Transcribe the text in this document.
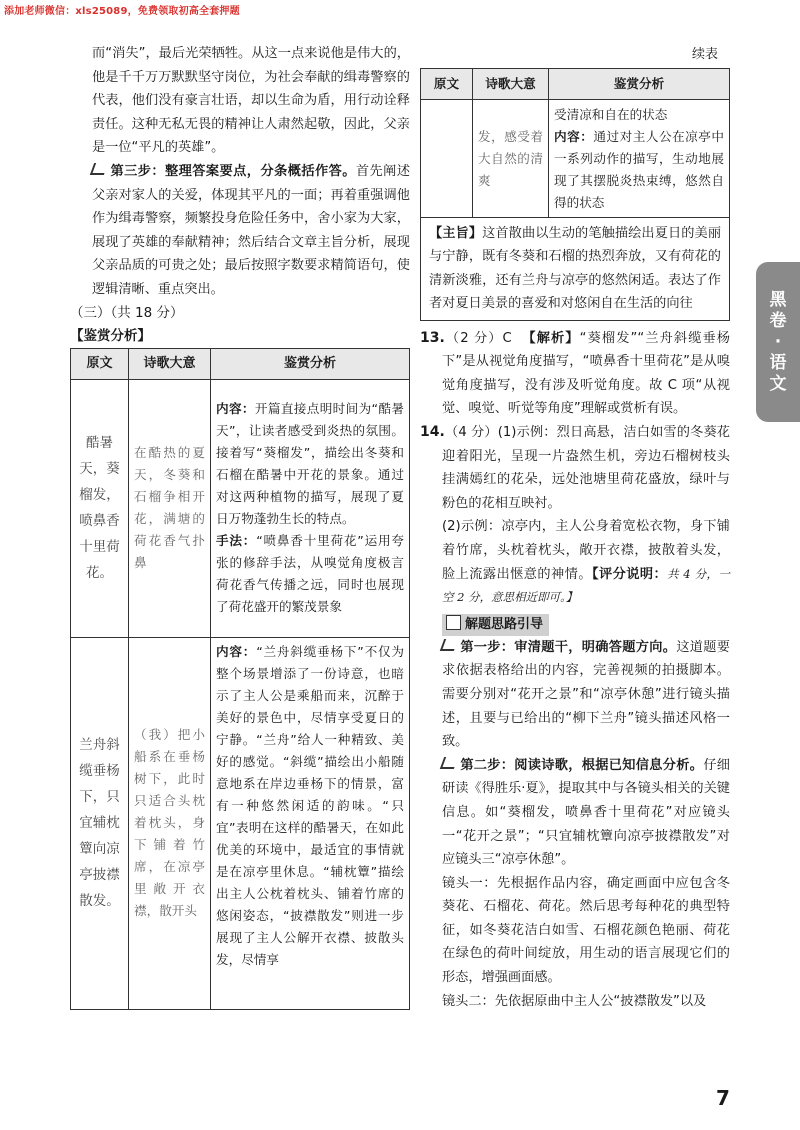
添加老师微信：xls25089，免费领取初高全套押题

而“消失”，最后光荣牺牲。从这一点来说他是伟大的，他是千千万万默默坚守岗位，为社会奉献的缉毒警察的代表，他们没有豪言壮语，却以生命为盾，用行动诠释责任。这种无私无畏的精神让人肃然起敬，因此，父亲是一位“平凡的英雄”。

第三步：整理答案要点，分条概括作答。首先阐述父亲对家人的关爱，体现其平凡的一面；再着重强调他作为缉毒警察，频繁投身危险任务中，舍小家为大家，展现了英雄的奉献精神；然后结合文章主旨分析，展现父亲品质的可贵之处；最后按照字数要求精简语句，使逻辑清晰、重点突出。

（三）（共 18 分）

【鉴赏分析】

原文	诗歌大意	鉴赏分析
酷暑天，葵榴发，喷鼻香十里荷花。	在酷热的夏天，冬葵和石榴争相开花，满塘的荷花香气扑鼻	内容：开篇直接点明时间为“酷暑天”，让读者感受到炎热的氛围。接着写“葵榴发”，描绘出冬葵和石榴在酷暑中开花的景象。通过对这两种植物的描写，展现了夏日万物蓬勃生长的特点。
手法：“喷鼻香十里荷花”运用夸张的修辞手法，从嗅觉角度极言荷花香气传播之远，同时也展现了荷花盛开的繁茂景象
兰舟斜缆垂杨下，只宜辅枕簟向凉亭披襟散发。	（我）把小船系在垂杨树下，此时只适合头枕着枕头，身下铺着竹席，在凉亭里敞开衣襟，散开头	内容：“兰舟斜缆垂杨下”不仅为整个场景增添了一份诗意，也暗示了主人公是乘船而来，沉醉于美好的景色中，尽情享受夏日的宁静。“兰舟”给人一种精致、美好的感觉。“斜缆”描绘出小船随意地系在岸边垂杨下的情景，富有一种悠然闲适的韵味。“只宜”表明在这样的酷暑天，在如此优美的环境中，最适宜的事情就是在凉亭里休息。“辅枕簟”描绘出主人公枕着枕头、铺着竹席的悠闲姿态，“披襟散发”则进一步展现了主人公解开衣襟、披散头发，尽情享

续表

原文	诗歌大意	鉴赏分析
	发，感受着大自然的清爽	受清凉和自在的状态
内容：通过对主人公在凉亭中一系列动作的描写，生动地展现了其摆脱炎热束缚，悠然自得的状态
【主旨】这首散曲以生动的笔触描绘出夏日的美丽与宁静，既有冬葵和石榴的热烈奔放，又有荷花的清新淡雅，还有兰舟与凉亭的悠然闲适。表达了作者对夏日美景的喜爱和对悠闲自在生活的向往

13.（2 分）C 【解析】“葵榴发”“兰舟斜缆垂杨下”是从视觉角度描写，“喷鼻香十里荷花”是从嗅觉角度描写，没有涉及听觉角度。故 C 项“从视觉、嗅觉、听觉等角度”理解或赏析有误。

14.（4 分）(1)示例：烈日高悬，洁白如雪的冬葵花迎着阳光，呈现一片盎然生机，旁边石榴树枝头挂满嫣红的花朵，远处池塘里荷花盛放，绿叶与粉色的花相互映衬。

(2)示例：凉亭内，主人公身着宽松衣物，身下铺着竹席，头枕着枕头，敞开衣襟，披散着头发，脸上流露出惬意的神情。【评分说明：共 4 分，一空 2 分，意思相近即可。】

解题思路引导

第一步：审清题干，明确答题方向。这道题要求依据表格给出的内容，完善视频的拍摄脚本。需要分别对“花开之景”和“凉亭休憩”进行镜头描述，且要与已给出的“柳下兰舟”镜头描述风格一致。

第二步：阅读诗歌，根据已知信息分析。仔细研读《得胜乐·夏》，提取其中与各镜头相关的关键信息。如“葵榴发，喷鼻香十里荷花”对应镜头一“花开之景”；“只宜辅枕簟向凉亭披襟散发”对应镜头三“凉亭休憩”。

镜头一：先根据作品内容，确定画面中应包含冬葵花、石榴花、荷花。然后思考每种花的典型特征，如冬葵花洁白如雪、石榴花颜色艳丽、荷花在绿色的荷叶间绽放，用生动的语言展现它们的形态，增强画面感。

镜头二：先依据原曲中主人公“披襟散发”以及

黑
卷
·
语
文
7
